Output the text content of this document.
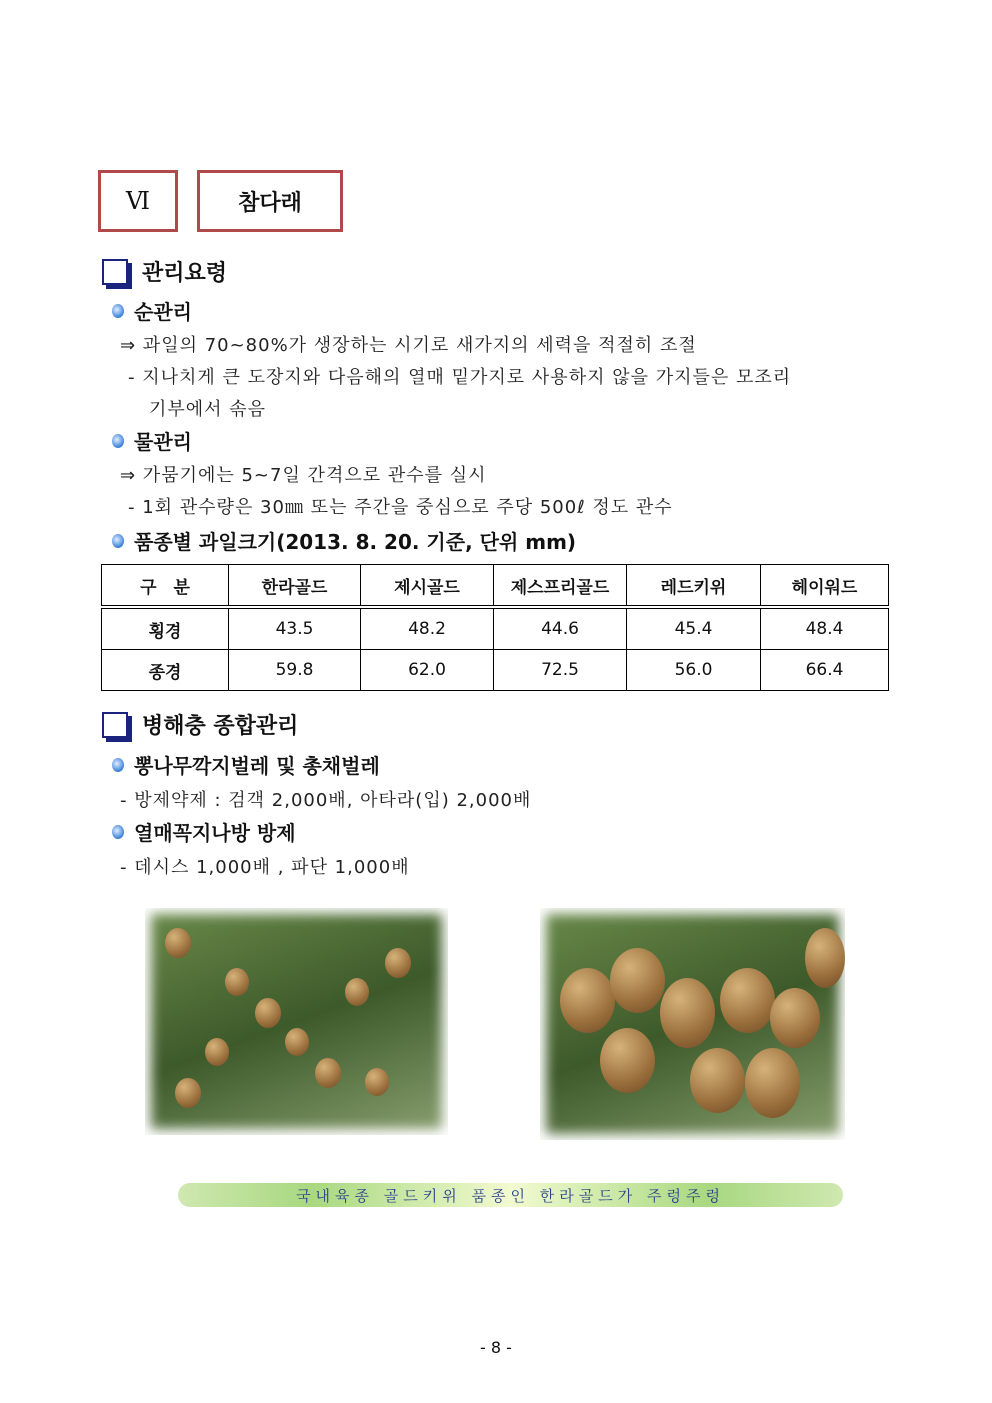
Ⅵ	참다래
관리요령
순관리
⇒ 과일의 70~80%가 생장하는 시기로 새가지의 세력을 적절히 조절
- 지나치게 큰 도장지와 다음해의 열매 밑가지로 사용하지 않을 가지들은 모조리
기부에서 솎음
물관리
⇒ 가뭄기에는 5~7일 간격으로 관수를 실시
- 1회 관수량은 30㎜ 또는 주간을 중심으로 주당 500ℓ 정도 관수
품종별 과일크기(2013. 8. 20. 기준, 단위 mm)
구　분	한라골드	제시골드	제스프리골드	레드키위	헤이워드
횡경	43.5	48.2	44.6	45.4	48.4
종경	59.8	62.0	72.5	56.0	66.4
병해충 종합관리
뽕나무깍지벌레 및 총채벌레
- 방제약제 : 검객 2,000배, 아타라(입) 2,000배
열매꼭지나방 방제
- 데시스 1,000배 , 파단 1,000배
국내육종 골드키위 품종인 한라골드가 주렁주렁
- 8 -
